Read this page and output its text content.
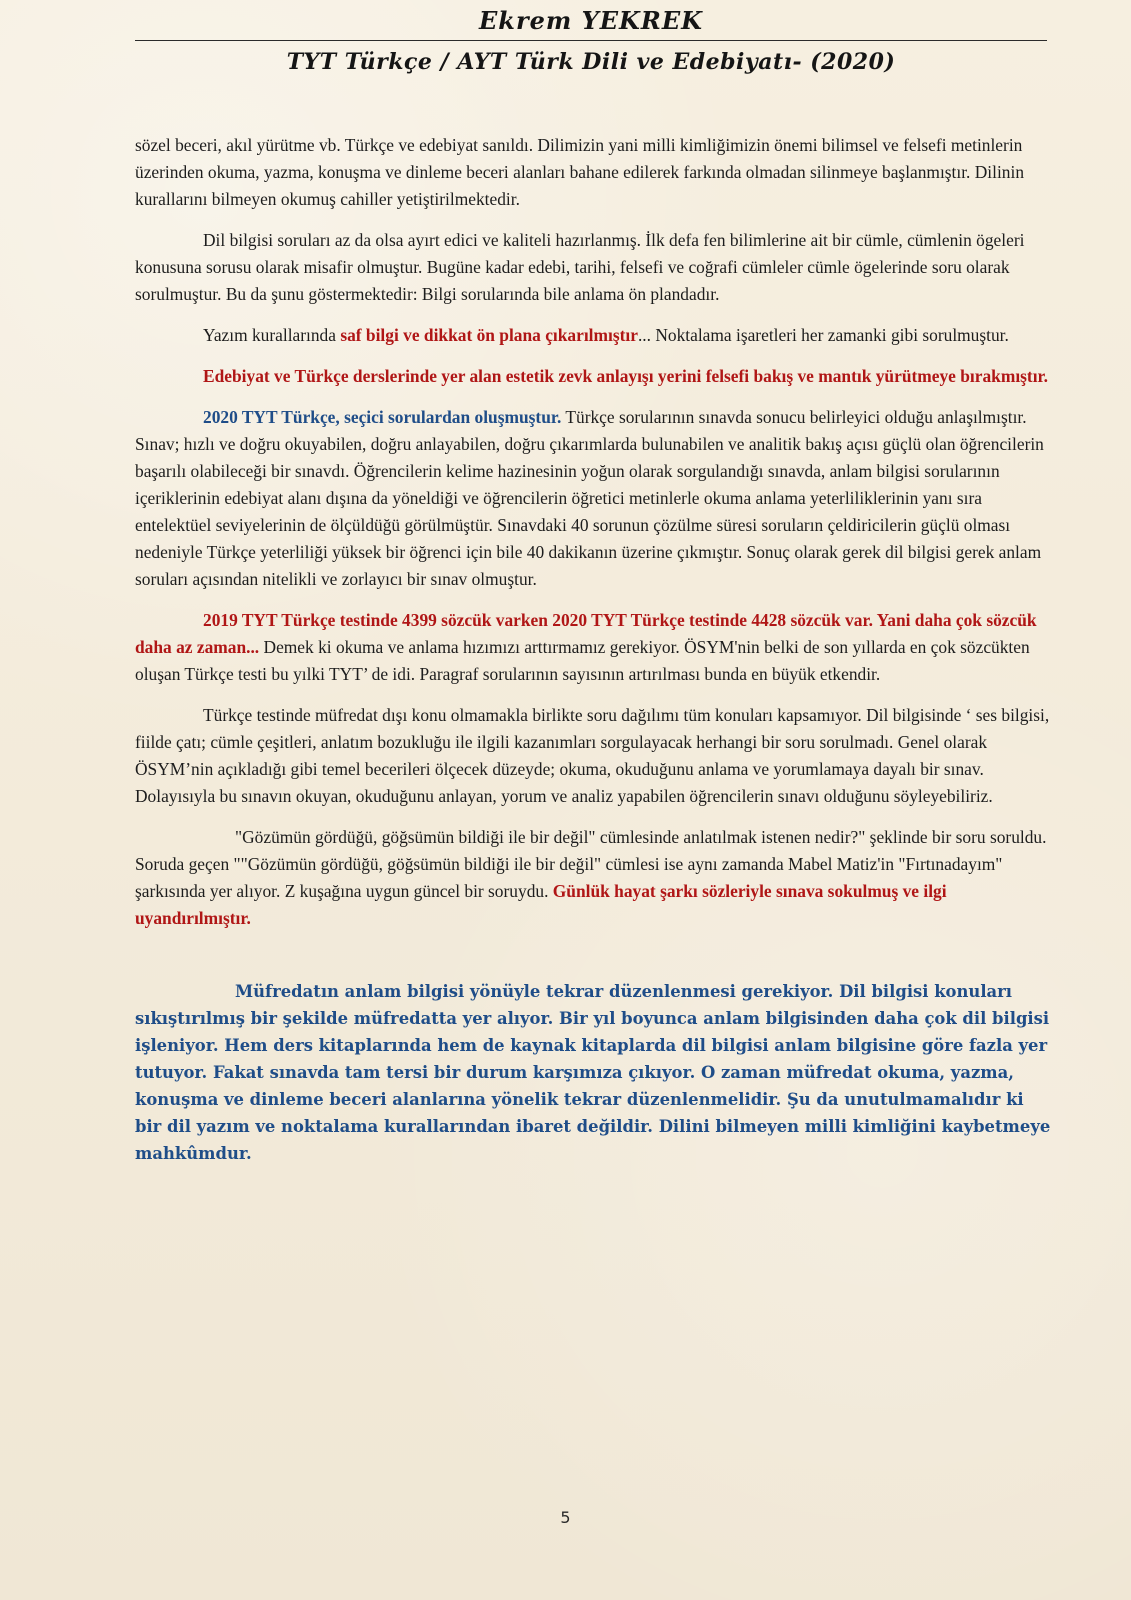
Ekrem YEKREK
TYT Türkçe / AYT Türk Dili ve Edebiyatı- (2020)

sözel beceri, akıl yürütme vb. Türkçe ve edebiyat sanıldı. Dilimizin yani milli kimliğimizin önemi bilimsel ve felsefi metinlerin üzerinden okuma, yazma, konuşma ve dinleme beceri alanları bahane edilerek farkında olmadan silinmeye başlanmıştır. Dilinin kurallarını bilmeyen okumuş cahiller yetiştirilmektedir.

Dil bilgisi soruları az da olsa ayırt edici ve kaliteli hazırlanmış. İlk defa fen bilimlerine ait bir cümle, cümlenin ögeleri konusuna sorusu olarak misafir olmuştur. Bugüne kadar edebi, tarihi, felsefi ve coğrafi cümleler cümle ögelerinde soru olarak sorulmuştur. Bu da şunu göstermektedir: Bilgi sorularında bile anlama ön plandadır.

Yazım kurallarında saf bilgi ve dikkat ön plana çıkarılmıştır... Noktalama işaretleri her zamanki gibi sorulmuştur.

Edebiyat ve Türkçe derslerinde yer alan estetik zevk anlayışı yerini felsefi bakış ve mantık yürütmeye bırakmıştır.

2020 TYT Türkçe, seçici sorulardan oluşmuştur. Türkçe sorularının sınavda sonucu belirleyici olduğu anlaşılmıştır. Sınav; hızlı ve doğru okuyabilen, doğru anlayabilen, doğru çıkarımlarda bulunabilen ve analitik bakış açısı güçlü olan öğrencilerin başarılı olabileceği bir sınavdı. Öğrencilerin kelime hazinesinin yoğun olarak sorgulandığı sınavda, anlam bilgisi sorularının içeriklerinin edebiyat alanı dışına da yöneldiği ve öğrencilerin öğretici metinlerle okuma anlama yeterliliklerinin yanı sıra entelektüel seviyelerinin de ölçüldüğü görülmüştür. Sınavdaki 40 sorunun çözülme süresi soruların çeldiricilerin güçlü olması nedeniyle Türkçe yeterliliği yüksek bir öğrenci için bile 40 dakikanın üzerine çıkmıştır. Sonuç olarak gerek dil bilgisi gerek anlam soruları açısından nitelikli ve zorlayıcı bir sınav olmuştur.

2019 TYT Türkçe testinde 4399 sözcük varken 2020 TYT Türkçe testinde 4428 sözcük var. Yani daha çok sözcük daha az zaman... Demek ki okuma ve anlama hızımızı arttırmamız gerekiyor. ÖSYM'nin belki de son yıllarda en çok sözcükten oluşan Türkçe testi bu yılki TYT’ de idi. Paragraf sorularının sayısının artırılması bunda en büyük etkendir.

Türkçe testinde müfredat dışı konu olmamakla birlikte soru dağılımı tüm konuları kapsamıyor. Dil bilgisinde ‘ ses bilgisi, fiilde çatı; cümle çeşitleri, anlatım bozukluğu ile ilgili kazanımları sorgulayacak herhangi bir soru sorulmadı. Genel olarak ÖSYM’nin açıkladığı gibi temel becerileri ölçecek düzeyde; okuma, okuduğunu anlama ve yorumlamaya dayalı bir sınav. Dolayısıyla bu sınavın okuyan, okuduğunu anlayan, yorum ve analiz yapabilen öğrencilerin sınavı olduğunu söyleyebiliriz.

"Gözümün gördüğü, göğsümün bildiği ile bir değil" cümlesinde anlatılmak istenen nedir?" şeklinde bir soru soruldu. Soruda geçen ""Gözümün gördüğü, göğsümün bildiği ile bir değil" cümlesi ise aynı zamanda Mabel Matiz'in "Fırtınadayım" şarkısında yer alıyor. Z kuşağına uygun güncel bir soruydu. Günlük hayat şarkı sözleriyle sınava sokulmuş ve ilgi uyandırılmıştır.

Müfredatın anlam bilgisi yönüyle tekrar düzenlenmesi gerekiyor. Dil bilgisi konuları sıkıştırılmış bir şekilde müfredatta yer alıyor. Bir yıl boyunca anlam bilgisinden daha çok dil bilgisi işleniyor. Hem ders kitaplarında hem de kaynak kitaplarda dil bilgisi anlam bilgisine göre fazla yer tutuyor. Fakat sınavda tam tersi bir durum karşımıza çıkıyor. O zaman müfredat okuma, yazma, konuşma ve dinleme beceri alanlarına yönelik tekrar düzenlenmelidir. Şu da unutulmamalıdır ki bir dil yazım ve noktalama kurallarından ibaret değildir. Dilini bilmeyen milli kimliğini kaybetmeye mahkûmdur.

5
